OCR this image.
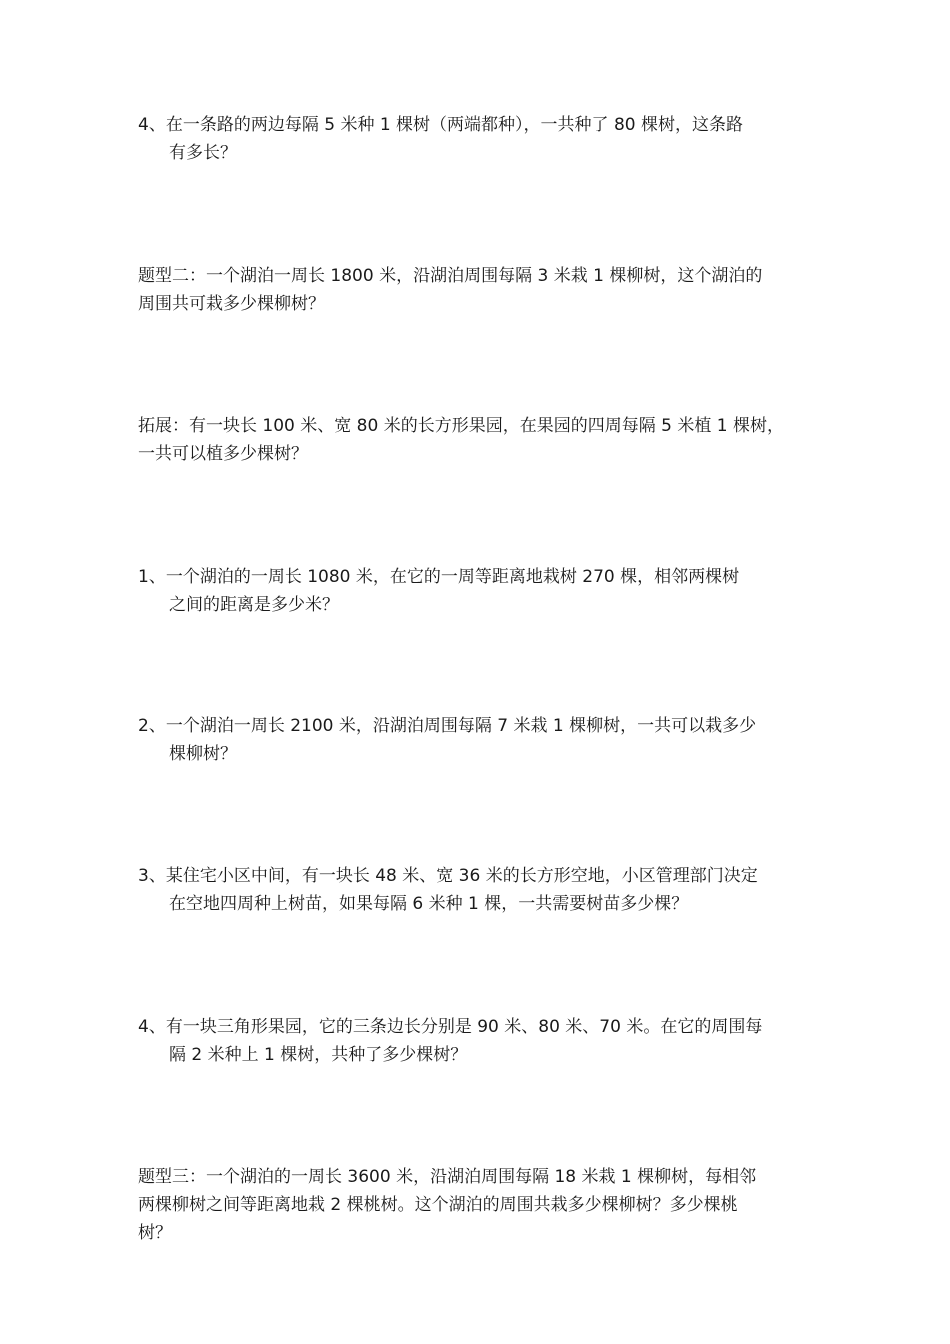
4、在一条路的两边每隔 5 米种 1 棵树（两端都种），一共种了 80 棵树，这条路
有多长？
题型二：一个湖泊一周长 1800 米，沿湖泊周围每隔 3 米栽 1 棵柳树，这个湖泊的
周围共可栽多少棵柳树？
拓展：有一块长 100 米、宽 80 米的长方形果园，在果园的四周每隔 5 米植 1 棵树，
一共可以植多少棵树？
1、一个湖泊的一周长 1080 米，在它的一周等距离地栽树 270 棵，相邻两棵树
之间的距离是多少米？
2、一个湖泊一周长 2100 米，沿湖泊周围每隔 7 米栽 1 棵柳树，一共可以栽多少
棵柳树？
3、某住宅小区中间，有一块长 48 米、宽 36 米的长方形空地，小区管理部门决定
在空地四周种上树苗，如果每隔 6 米种 1 棵，一共需要树苗多少棵？
4、有一块三角形果园，它的三条边长分别是 90 米、80 米、70 米。在它的周围每
隔 2 米种上 1 棵树，共种了多少棵树？
题型三：一个湖泊的一周长 3600 米，沿湖泊周围每隔 18 米栽 1 棵柳树，每相邻
两棵柳树之间等距离地栽 2 棵桃树。这个湖泊的周围共栽多少棵柳树？多少棵桃
树？
